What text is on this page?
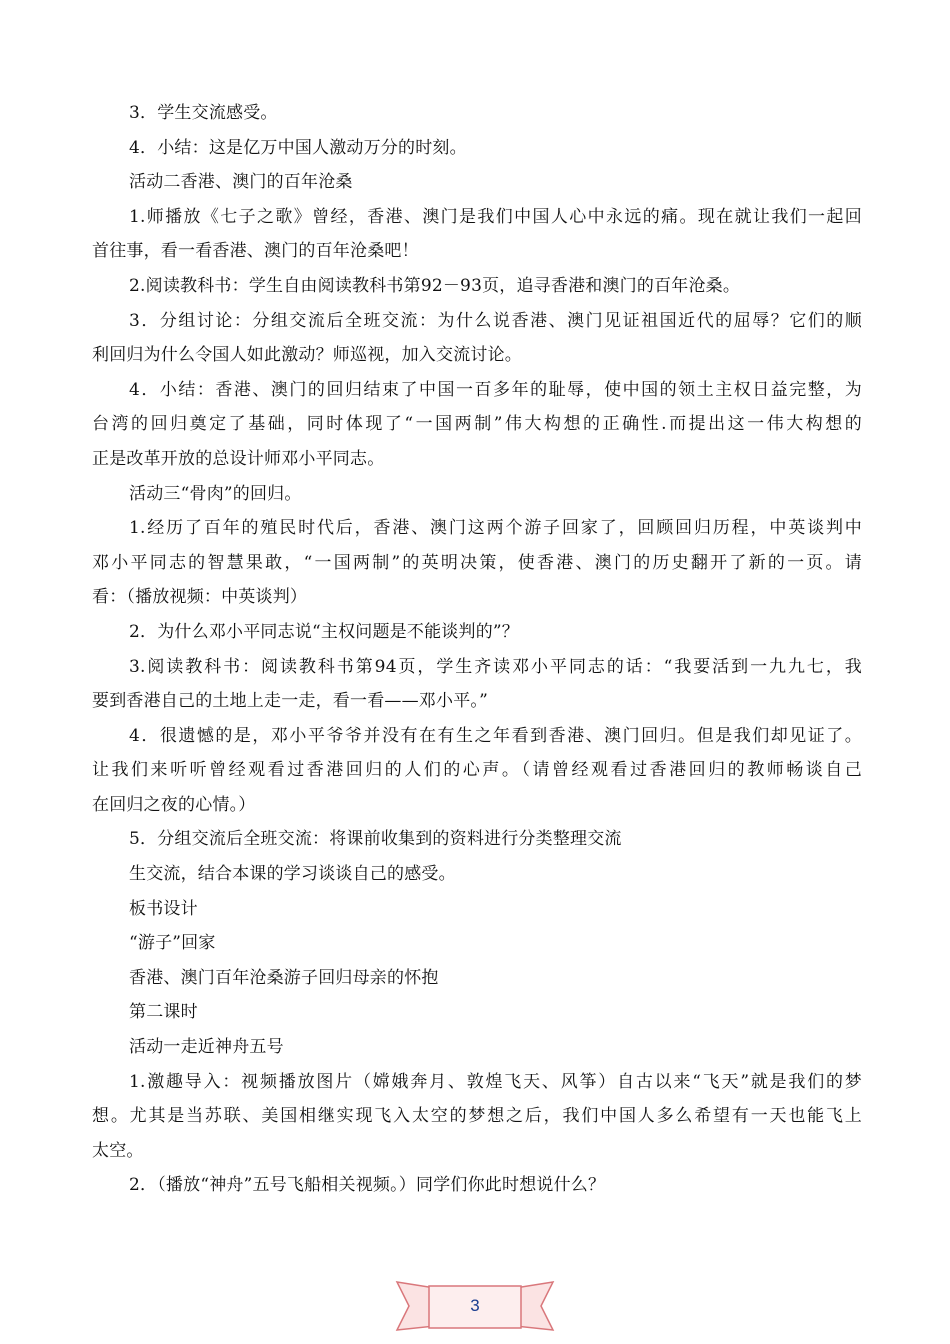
3．学生交流感受。
4．小结：这是亿万中国人激动万分的时刻。
活动二香港、澳门的百年沧桑
1.师播放《七子之歌》曾经，香港、澳门是我们中国人心中永远的痛。现在就让我们一起回
首往事，看一看香港、澳门的百年沧桑吧！
2.阅读教科书：学生自由阅读教科书第92－93页，追寻香港和澳门的百年沧桑。
3．分组讨论：分组交流后全班交流：为什么说香港、澳门见证祖国近代的屈辱？它们的顺
利回归为什么令国人如此激动？师巡视，加入交流讨论。
4．小结：香港、澳门的回归结束了中国一百多年的耻辱，使中国的领土主权日益完整，为
台湾的回归奠定了基础，同时体现了“一国两制”伟大构想的正确性.而提出这一伟大构想的
正是改革开放的总设计师邓小平同志。
活动三“骨肉”的回归。
1.经历了百年的殖民时代后，香港、澳门这两个游子回家了，回顾回归历程，中英谈判中
邓小平同志的智慧果敢，“一国两制”的英明决策，使香港、澳门的历史翻开了新的一页。请
看：（播放视频：中英谈判）
2．为什么邓小平同志说“主权问题是不能谈判的”？
3.阅读教科书：阅读教科书第94页，学生齐读邓小平同志的话：“我要活到一九九七，我
要到香港自己的土地上走一走，看一看——邓小平。”
4．很遗憾的是，邓小平爷爷并没有在有生之年看到香港、澳门回归。但是我们却见证了。
让我们来听听曾经观看过香港回归的人们的心声。（请曾经观看过香港回归的教师畅谈自己
在回归之夜的心情。）
5．分组交流后全班交流：将课前收集到的资料进行分类整理交流
生交流，结合本课的学习谈谈自己的感受。
板书设计
“游子”回家
香港、澳门百年沧桑游子回归母亲的怀抱
第二课时
活动一走近神舟五号
1.激趣导入：视频播放图片（嫦娥奔月、敦煌飞天、风筝）自古以来“飞天”就是我们的梦
想。尤其是当苏联、美国相继实现飞入太空的梦想之后，我们中国人多么希望有一天也能飞上
太空。
2．（播放“神舟”五号飞船相关视频。）同学们你此时想说什么？
3
